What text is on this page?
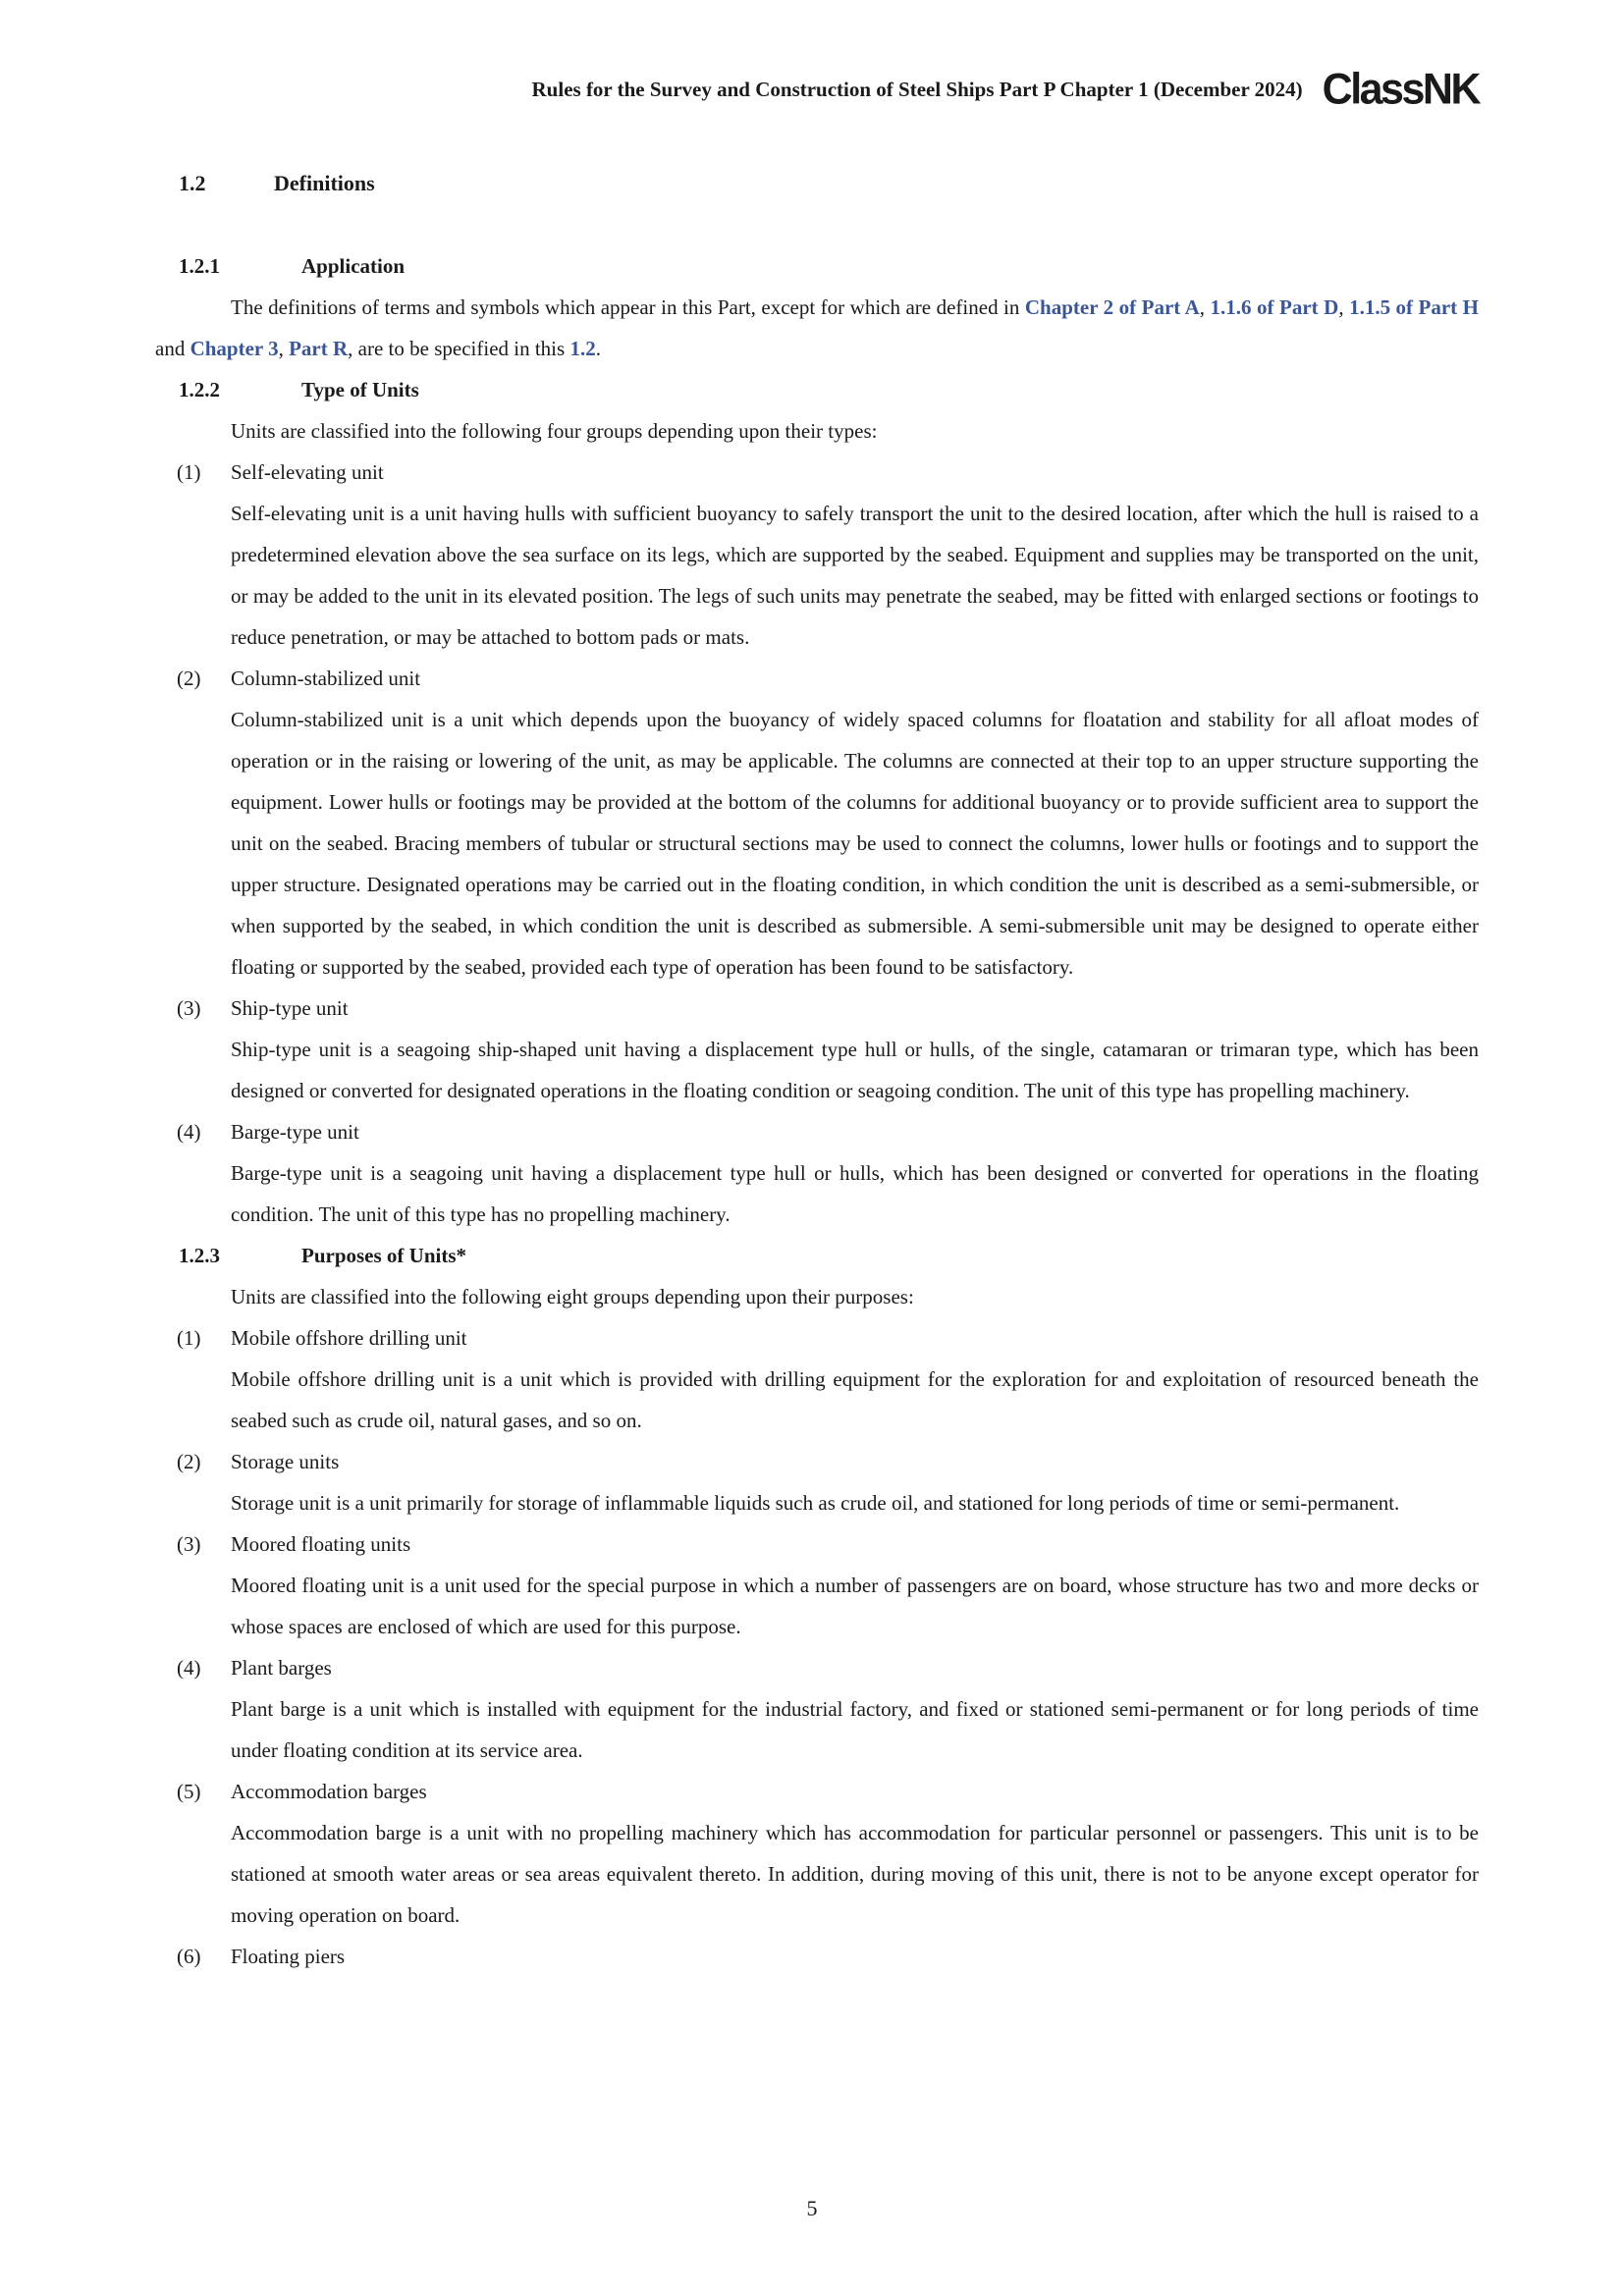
Rules for the Survey and Construction of Steel Ships Part P Chapter 1 (December 2024) ClassNK
1.2	Definitions
1.2.1	Application

The definitions of terms and symbols which appear in this Part, except for which are defined in Chapter 2 of Part A, 1.1.6 of Part D, 1.1.5 of Part H and Chapter 3, Part R, are to be specified in this 1.2.

1.2.2	Type of Units

Units are classified into the following four groups depending upon their types:

(1) Self-elevating unit
Self-elevating unit is a unit having hulls with sufficient buoyancy to safely transport the unit to the desired location, after which the hull is raised to a predetermined elevation above the sea surface on its legs, which are supported by the seabed. Equipment and supplies may be transported on the unit, or may be added to the unit in its elevated position. The legs of such units may penetrate the seabed, may be fitted with enlarged sections or footings to reduce penetration, or may be attached to bottom pads or mats.
(2) Column-stabilized unit
Column-stabilized unit is a unit which depends upon the buoyancy of widely spaced columns for floatation and stability for all afloat modes of operation or in the raising or lowering of the unit, as may be applicable. The columns are connected at their top to an upper structure supporting the equipment. Lower hulls or footings may be provided at the bottom of the columns for additional buoyancy or to provide sufficient area to support the unit on the seabed. Bracing members of tubular or structural sections may be used to connect the columns, lower hulls or footings and to support the upper structure. Designated operations may be carried out in the floating condition, in which condition the unit is described as a semi-submersible, or when supported by the seabed, in which condition the unit is described as submersible. A semi-submersible unit may be designed to operate either floating or supported by the seabed, provided each type of operation has been found to be satisfactory.
(3) Ship-type unit
Ship-type unit is a seagoing ship-shaped unit having a displacement type hull or hulls, of the single, catamaran or trimaran type, which has been designed or converted for designated operations in the floating condition or seagoing condition. The unit of this type has propelling machinery.
(4) Barge-type unit
Barge-type unit is a seagoing unit having a displacement type hull or hulls, which has been designed or converted for operations in the floating condition. The unit of this type has no propelling machinery.
1.2.3	Purposes of Units*

Units are classified into the following eight groups depending upon their purposes:

(1) Mobile offshore drilling unit
Mobile offshore drilling unit is a unit which is provided with drilling equipment for the exploration for and exploitation of resourced beneath the seabed such as crude oil, natural gases, and so on.
(2) Storage units
Storage unit is a unit primarily for storage of inflammable liquids such as crude oil, and stationed for long periods of time or semi-permanent.
(3) Moored floating units
Moored floating unit is a unit used for the special purpose in which a number of passengers are on board, whose structure has two and more decks or whose spaces are enclosed of which are used for this purpose.
(4) Plant barges
Plant barge is a unit which is installed with equipment for the industrial factory, and fixed or stationed semi-permanent or for long periods of time under floating condition at its service area.
(5) Accommodation barges
Accommodation barge is a unit with no propelling machinery which has accommodation for particular personnel or passengers. This unit is to be stationed at smooth water areas or sea areas equivalent thereto. In addition, during moving of this unit, there is not to be anyone except operator for moving operation on board.
(6) Floating piers
5
